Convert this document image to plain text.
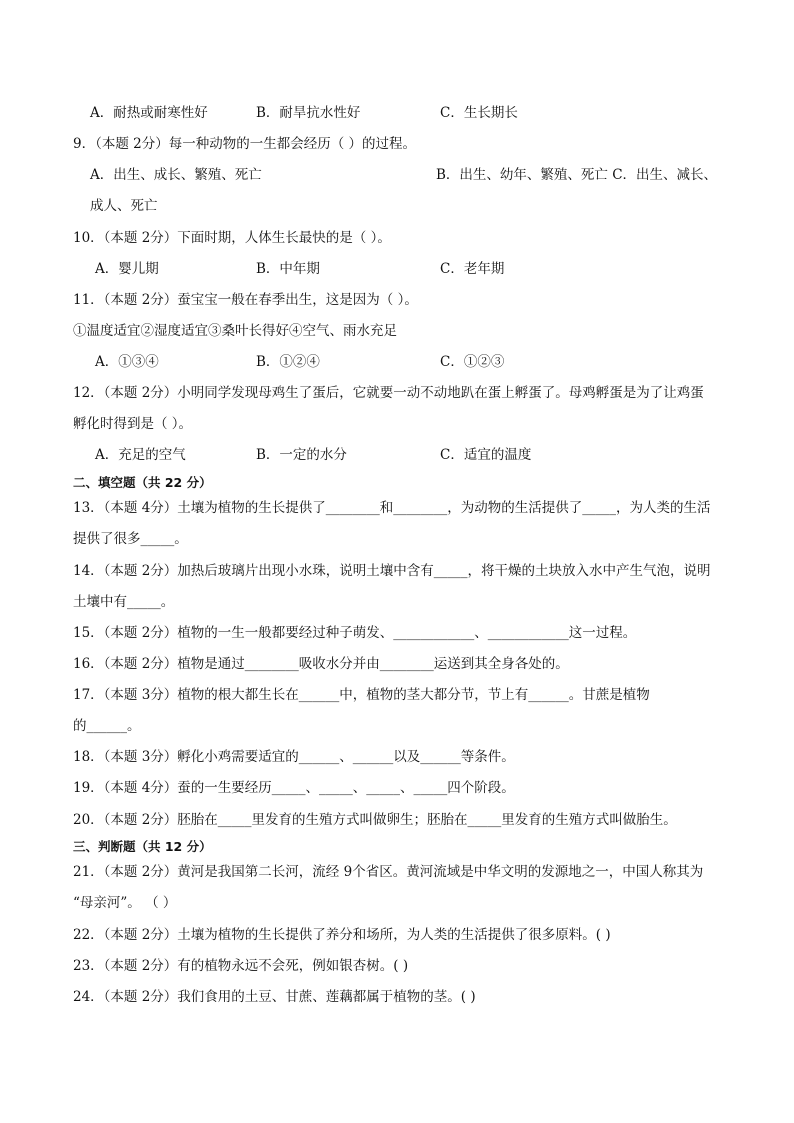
A．耐热或耐寒性好	B．耐旱抗水性好	C．生长期长
9．（本题 2分）每一种动物的一生都会经历（ ）的过程。
A．出生、成长、繁殖、死亡	B．出生、幼年、繁殖、死亡 C．出生、减长、
成人、死亡
10．（本题 2分）下面时期，人体生长最快的是（ ）。
A．婴儿期	B．中年期	C．老年期
11．（本题 2分）蚕宝宝一般在春季出生，这是因为（ ）。
①温度适宜②湿度适宜③桑叶长得好④空气、雨水充足
A．①③④	B．①②④	C．①②③
12．（本题 2分）小明同学发现母鸡生了蛋后，它就要一动不动地趴在蛋上孵蛋了。母鸡孵蛋是为了让鸡蛋
孵化时得到是（ ）。
A．充足的空气	B．一定的水分	C．适宜的温度
二、填空题（共 22 分）
13．（本题 4分）土壤为植物的生长提供了________和________，为动物的生活提供了_____，为人类的生活
提供了很多_____。
14．（本题 2分）加热后玻璃片出现小水珠，说明土壤中含有_____，将干燥的土块放入水中产生气泡，说明
土壤中有_____。
15．（本题 2分）植物的一生一般都要经过种子萌发、____________、____________这一过程。
16．（本题 2分）植物是通过________吸收水分并由________运送到其全身各处的。
17．（本题 3分）植物的根大都生长在______中，植物的茎大都分节，节上有______。甘蔗是植物
的______。
18．（本题 3分）孵化小鸡需要适宜的______、______以及______等条件。
19．（本题 4分）蚕的一生要经历_____、_____、_____、_____四个阶段。
20．（本题 2分）胚胎在_____里发育的生殖方式叫做卵生；胚胎在_____里发育的生殖方式叫做胎生。
三、判断题（共 12 分）
21．（本题 2分）黄河是我国第二长河，流经 9个省区。黄河流域是中华文明的发源地之一，中国人称其为
“母亲河”。 （ ）
22．（本题 2分）土壤为植物的生长提供了养分和场所，为人类的生活提供了很多原料。( )
23．（本题 2分）有的植物永远不会死，例如银杏树。( )
24．（本题 2分）我们食用的土豆、甘蔗、莲藕都属于植物的茎。( )
